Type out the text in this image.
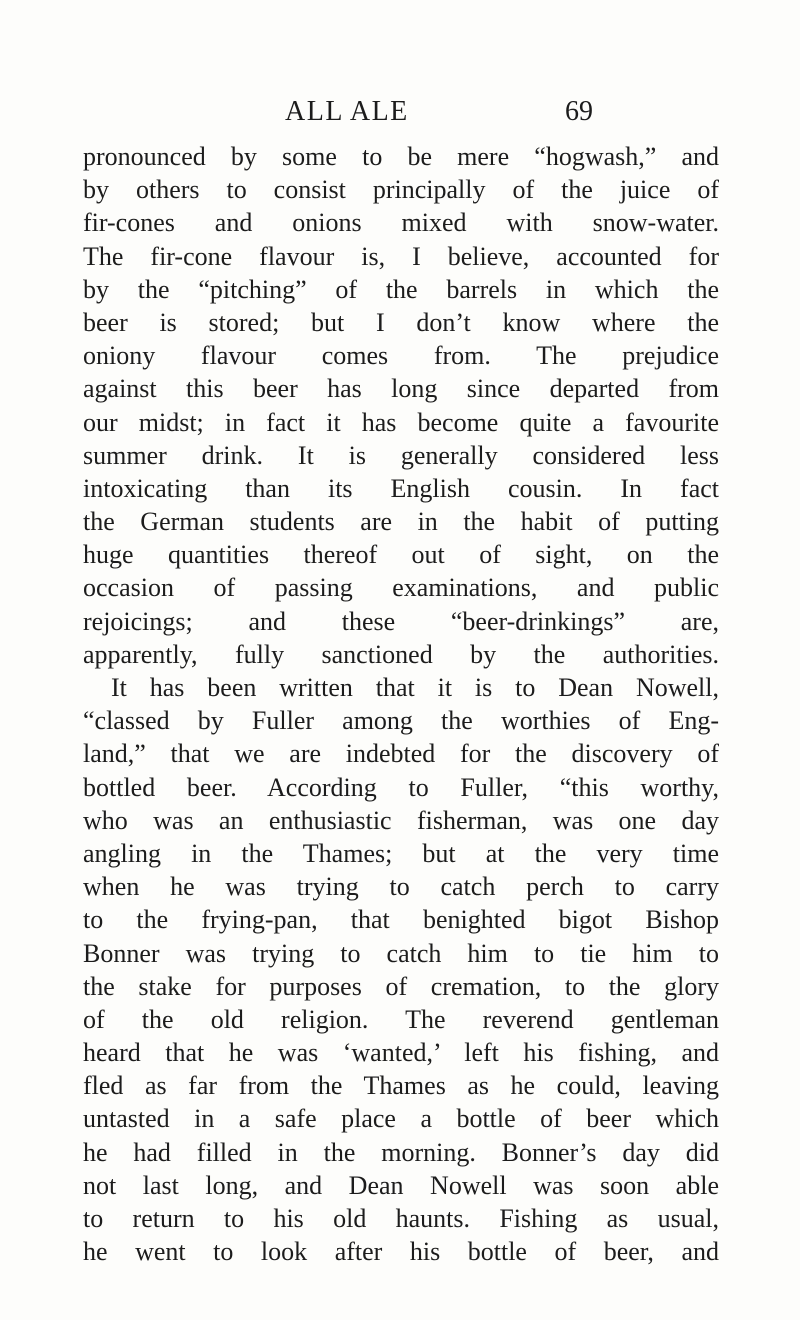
ALL ALE	69
pronounced by some to be mere “hogwash,” and
by others to consist principally of the juice of
fir-cones and onions mixed with snow-water.
The fir-cone flavour is, I believe, accounted for
by the “pitching” of the barrels in which the
beer is stored; but I don’t know where the
oniony flavour comes from. The prejudice
against this beer has long since departed from
our midst; in fact it has become quite a favourite
summer drink. It is generally considered less
intoxicating than its English cousin. In fact
the German students are in the habit of putting
huge quantities thereof out of sight, on the
occasion of passing examinations, and public
rejoicings; and these “beer-drinkings” are,
apparently, fully sanctioned by the authorities.
It has been written that it is to Dean Nowell,
“classed by Fuller among the worthies of Eng-
land,” that we are indebted for the discovery of
bottled beer. According to Fuller, “this worthy,
who was an enthusiastic fisherman, was one day
angling in the Thames; but at the very time
when he was trying to catch perch to carry
to the frying-pan, that benighted bigot Bishop
Bonner was trying to catch him to tie him to
the stake for purposes of cremation, to the glory
of the old religion. The reverend gentleman
heard that he was ‘wanted,’ left his fishing, and
fled as far from the Thames as he could, leaving
untasted in a safe place a bottle of beer which
he had filled in the morning. Bonner’s day did
not last long, and Dean Nowell was soon able
to return to his old haunts. Fishing as usual,
he went to look after his bottle of beer, and
